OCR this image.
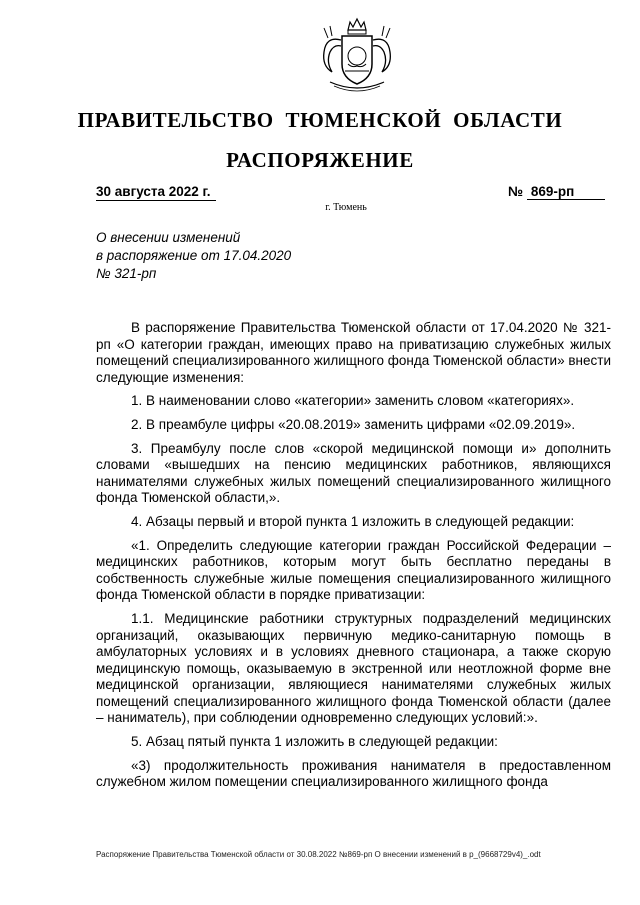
ПРАВИТЕЛЬСТВО ТЮМЕНСКОЙ ОБЛАСТИ
РАСПОРЯЖЕНИЕ
30 августа 2022 г.	№ 869-рп
г. Тюмень
О внесении изменений
в распоряжение от 17.04.2020
№ 321-рп

В распоряжение Правительства Тюменской области от 17.04.2020 № 321-рп «О категории граждан, имеющих право на приватизацию служебных жилых помещений специализированного жилищного фонда Тюменской области» внести следующие изменения:

1. В наименовании слово «категории» заменить словом «категориях».

2. В преамбуле цифры «20.08.2019» заменить цифрами «02.09.2019».

3. Преамбулу после слов «скорой медицинской помощи и» дополнить словами «вышедших на пенсию медицинских работников, являющихся нанимателями служебных жилых помещений специализированного жилищного фонда Тюменской области,».

4. Абзацы первый и второй пункта 1 изложить в следующей редакции:

«1. Определить следующие категории граждан Российской Федерации – медицинских работников, которым могут быть бесплатно переданы в собственность служебные жилые помещения специализированного жилищного фонда Тюменской области в порядке приватизации:

1.1. Медицинские работники структурных подразделений медицинских организаций, оказывающих первичную медико-санитарную помощь в амбулаторных условиях и в условиях дневного стационара, а также скорую медицинскую помощь, оказываемую в экстренной или неотложной форме вне медицинской организации, являющиеся нанимателями служебных жилых помещений специализированного жилищного фонда Тюменской области (далее – наниматель), при соблюдении одновременно следующих условий:».

5. Абзац пятый пункта 1 изложить в следующей редакции:

«3) продолжительность проживания нанимателя в предоставленном служебном жилом помещении специализированного жилищного фонда

Распоряжение Правительства Тюменской области от 30.08.2022 №869-рп О внесении изменений в р_(9668729v4)_.odt
